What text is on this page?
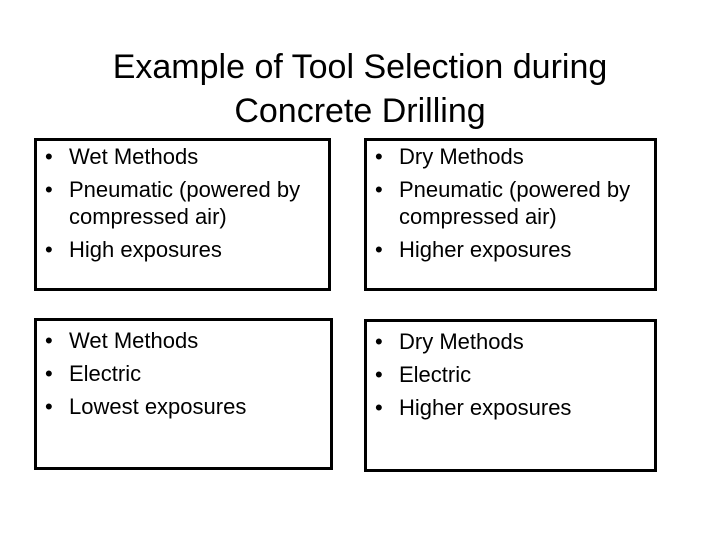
Example of Tool Selection during
Concrete Drilling
• Wet Methods
• Pneumatic (powered by compressed air)
• High exposures
• Dry Methods
• Pneumatic (powered by compressed air)
• Higher exposures
• Wet Methods
• Electric
• Lowest exposures
• Dry Methods
• Electric
• Higher exposures
